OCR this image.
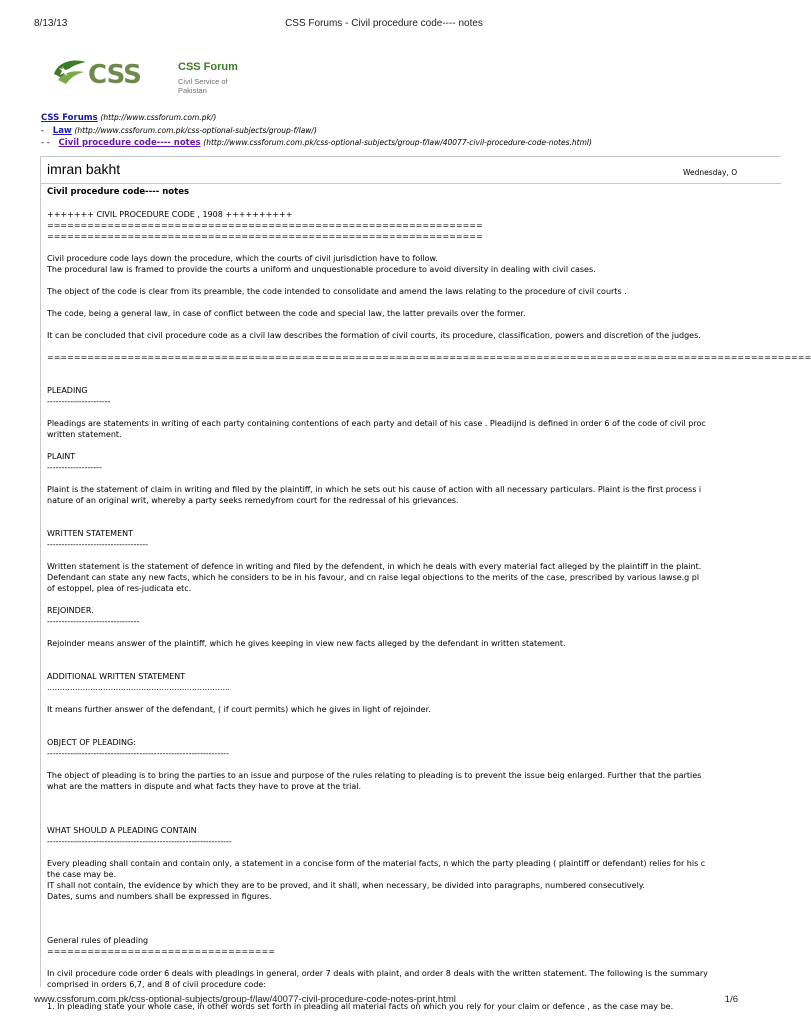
8/13/13	CSS Forums - Civil procedure code---- notes
CSS	CSS Forum
Civil Service of Pakistan
CSS Forums (http://www.cssforum.com.pk/)
- Law (http://www.cssforum.com.pk/css-optional-subjects/group-f/law/)
- - Civil procedure code---- notes (http://www.cssforum.com.pk/css-optional-subjects/group-f/law/40077-civil-procedure-code-notes.html)
imran bakht	Wednesday, O
Civil procedure code---- notes
+++++++ CIVIL PROCEDURE CODE , 1908 ++++++++++
=================================================================
=================================================================
Civil procedure code lays down the procedure, which the courts of civil jurisdiction have to follow.
The procedural law is framed to provide the courts a uniform and unquestionable procedure to avoid diversity in dealing with civil cases.
The object of the code is clear from its preamble, the code intended to consolidate and amend the laws relating to the procedure of civil courts .
The code, being a general law, in case of conflict between the code and special law, the latter prevails over the former.
It can be concluded that civil procedure code as a civil law describes the formation of civil courts, its procedure, classification, powers and discretion of the judges.
==================================================================================================================
PLEADING
----------------------
Pleadings are statements in writing of each party containing contentions of each party and detail of his case . Pleadijnd is defined in order 6 of the code of civil proc
written statement.
PLAINT
-------------------
Plaint is the statement of claim in writing and filed by the plaintiff, in which he sets out his cause of action with all necessary particulars. Plaint is the first process i
nature of an original writ, whereby a party seeks remedyfrom court for the redressal of his grievances.
WRITTEN STATEMENT
-----------------------------------
Written statement is the statement of defence in writing and filed by the defendent, in which he deals with every material fact alleged by the plaintiff in the plaint.
Defendant can state any new facts, which he considers to be in his favour, and cn raise legal objections to the merits of the case, prescribed by various lawse.g pl
of estoppel, plea of res-judicata etc.
REJOINDER.
--------------------------------
Rejoinder means answer of the plaintiff, which he gives keeping in view new facts alleged by the defendant in written statement.
ADDITIONAL WRITTEN STATEMENT
........................................................................
It means further answer of the defendant, ( if court permits) which he gives in light of rejoinder.
OBJECT OF PLEADING:
---------------------------------------------------------------
The object of pleading is to bring the parties to an issue and purpose of the rules relating to pleading is to prevent the issue beig enlarged. Further that the parties
what are the matters in dispute and what facts they have to prove at the trial.
WHAT SHOULD A PLEADING CONTAIN
----------------------------------------------------------------
Every pleading shall contain and contain only, a statement in a concise form of the material facts, n which the party pleading ( plaintiff or defendant) relies for his c
the case may be.
IT shall not contain, the evidence by which they are to be proved, and it shall, when necessary, be divided into paragraphs, numbered consecutively.
Dates, sums and numbers shall be expressed in figures.
General rules of pleading
==================================
In civil procedure code order 6 deals with pleadings in general, order 7 deals with plaint, and order 8 deals with the written statement. The following is the summary
comprised in orders 6,7, and 8 of civil procedure code:
1. In pleading state your whole case, in other words set forth in pleading all material facts on which you rely for your claim or defence , as the case may be.
www.cssforum.com.pk/css-optional-subjects/group-f/law/40077-civil-procedure-code-notes-print.html	1/6
